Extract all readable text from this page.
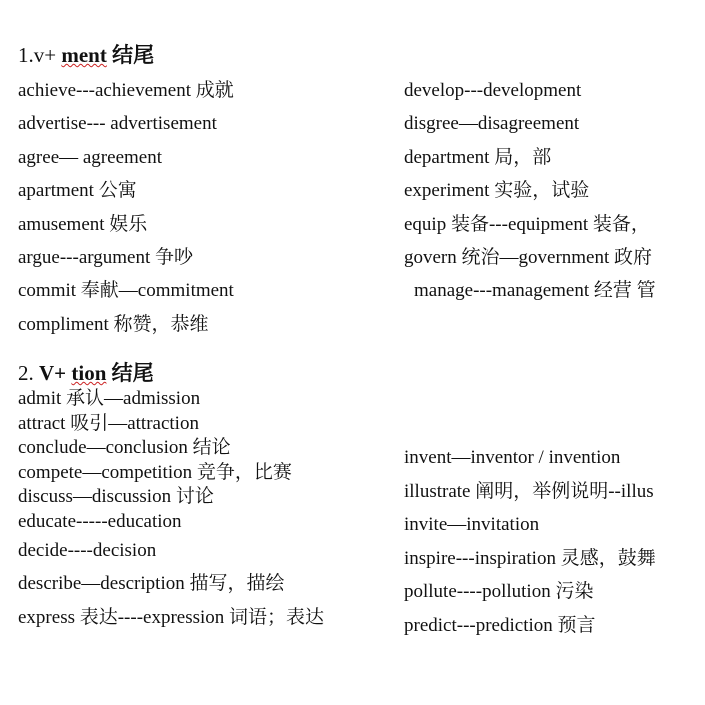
1.v+ ment 结尾
achieve---achievement 成就
advertise--- advertisement
agree— agreement
apartment 公寓
amusement 娱乐
argue---argument 争吵
commit 奉献—commitment
compliment 称赞，恭维
develop---development
disgree—disagreement
department 局，部
experiment 实验，试验
equip 装备---equipment 装备，
govern 统治—government 政府
manage---management 经营 管
2. V+ tion 结尾
admit 承认—admission
attract 吸引—attraction
conclude—conclusion 结论
compete—competition 竞争，比赛
discuss—discussion 讨论
educate-----education
decide----decision
describe—description 描写，描绘
express 表达----expression 词语；表达
invent—inventor / invention
illustrate 阐明，举例说明--illus
invite—invitation
inspire---inspiration 灵感，鼓舞
pollute----pollution 污染
predict---prediction 预言
